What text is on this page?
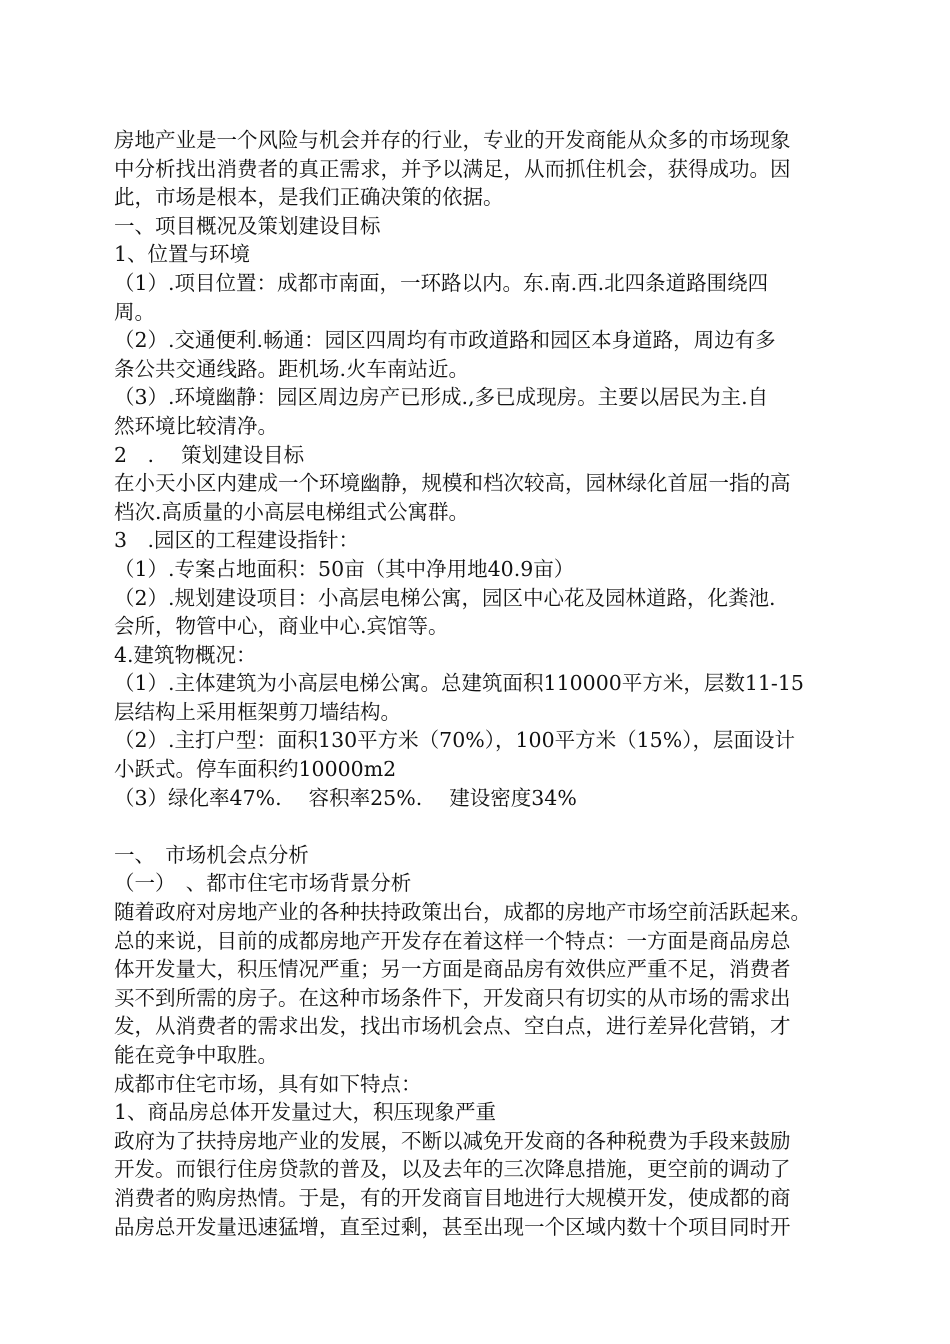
房地产业是一个风险与机会并存的行业，专业的开发商能从众多的市场现象

中分析找出消费者的真正需求，并予以满足，从而抓住机会，获得成功。因

此，市场是根本，是我们正确决策的依据。

一、项目概况及策划建设目标

1、位置与环境

（1）.项目位置：成都市南面，一环路以内。东.南.西.北四条道路围绕四

周。

（2）.交通便利.畅通：园区四周均有市政道路和园区本身道路，周边有多

条公共交通线路。距机场.火车南站近。

（3）.环境幽静：园区周边房产已形成.,多已成现房。主要以居民为主.自

然环境比较清净。

2　.　 策划建设目标

在小天小区内建成一个环境幽静，规模和档次较高，园林绿化首屈一指的高

档次.高质量的小高层电梯组式公寓群。

3　.园区的工程建设指针：

（1）.专案占地面积：50亩（其中净用地40.9亩）

（2）.规划建设项目：小高层电梯公寓，园区中心花及园林道路，化粪池.

会所，物管中心，商业中心.宾馆等。

4.建筑物概况：

（1）.主体建筑为小高层电梯公寓。总建筑面积110000平方米，层数11-15

层结构上采用框架剪刀墙结构。

（2）.主打户型：面积130平方米（70%），100平方米（15%），层面设计

小跃式。停车面积约10000m2

（3）绿化率47%.　 容积率25%.　 建设密度34%

一、　市场机会点分析

（一）　、都市住宅市场背景分析

随着政府对房地产业的各种扶持政策出台，成都的房地产市场空前活跃起来。

总的来说，目前的成都房地产开发存在着这样一个特点：一方面是商品房总

体开发量大，积压情况严重；另一方面是商品房有效供应严重不足，消费者

买不到所需的房子。在这种市场条件下，开发商只有切实的从市场的需求出

发，从消费者的需求出发，找出市场机会点、空白点，进行差异化营销，才

能在竞争中取胜。

成都市住宅市场，具有如下特点：

1、商品房总体开发量过大，积压现象严重

政府为了扶持房地产业的发展，不断以减免开发商的各种税费为手段来鼓励

开发。而银行住房贷款的普及，以及去年的三次降息措施，更空前的调动了

消费者的购房热情。于是，有的开发商盲目地进行大规模开发，使成都的商

品房总开发量迅速猛增，直至过剩，甚至出现一个区域内数十个项目同时开
